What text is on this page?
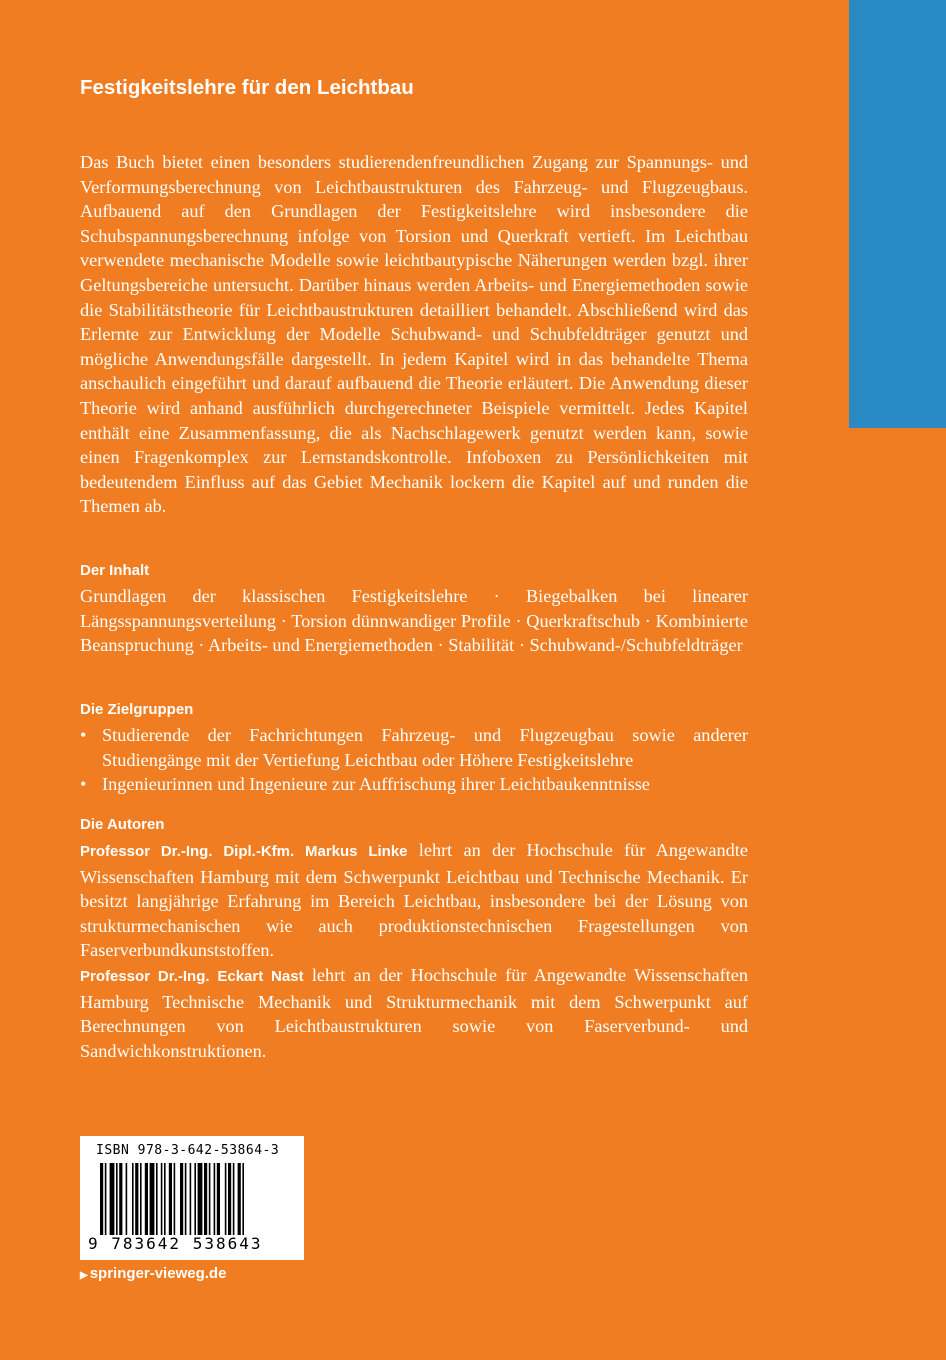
Festigkeitslehre für den Leichtbau
Das Buch bietet einen besonders studierendenfreundlichen Zugang zur Spannungs- und Verformungsberechnung von Leichtbaustrukturen des Fahrzeug- und Flugzeugbaus. Aufbauend auf den Grundlagen der Festigkeitslehre wird insbesondere die Schubspannungsberechnung infolge von Torsion und Querkraft vertieft. Im Leichtbau verwendete mechanische Modelle sowie leichtbautypische Näherungen werden bzgl. ihrer Geltungsbereiche untersucht. Darüber hinaus werden Arbeits- und Energiemethoden sowie die Stabilitätstheorie für Leichtbaustrukturen detailliert behandelt. Abschließend wird das Erlernte zur Entwicklung der Modelle Schubwand- und Schubfeldträger genutzt und mögliche Anwendungsfälle dargestellt. In jedem Kapitel wird in das behandelte Thema anschaulich eingeführt und darauf aufbauend die Theorie erläutert. Die Anwendung dieser Theorie wird anhand ausführlich durchgerechneter Beispiele vermittelt. Jedes Kapitel enthält eine Zusammenfassung, die als Nachschlagewerk genutzt werden kann, sowie einen Fragenkomplex zur Lernstandskontrolle. Infoboxen zu Persönlichkeiten mit bedeutendem Einfluss auf das Gebiet Mechanik lockern die Kapitel auf und runden die Themen ab.
Der Inhalt
Grundlagen der klassischen Festigkeitslehre · Biegebalken bei linearer Längsspannungsverteilung · Torsion dünnwandiger Profile · Querkraftschub · Kombinierte Beanspruchung · Arbeits- und Energiemethoden · Stabilität · Schubwand-/Schubfeldträger
Die Zielgruppen
• Studierende der Fachrichtungen Fahrzeug- und Flugzeugbau sowie anderer Studiengänge mit der Vertiefung Leichtbau oder Höhere Festigkeitslehre
• Ingenieurinnen und Ingenieure zur Auffrischung ihrer Leichtbaukenntnisse
Die Autoren

Professor Dr.-Ing. Dipl.-Kfm. Markus Linke lehrt an der Hochschule für Angewandte Wissenschaften Hamburg mit dem Schwerpunkt Leichtbau und Technische Mechanik. Er besitzt langjährige Erfahrung im Bereich Leichtbau, insbesondere bei der Lösung von strukturmechanischen wie auch produktionstechnischen Fragestellungen von Faserverbundkunststoffen.

Professor Dr.-Ing. Eckart Nast lehrt an der Hochschule für Angewandte Wissenschaften Hamburg Technische Mechanik und Strukturmechanik mit dem Schwerpunkt auf Berechnungen von Leichtbaustrukturen sowie von Faserverbund- und Sandwichkonstruktionen.

ISBN 978-3-642-53864-3
9 783642 538643
▶ springer-vieweg.de
